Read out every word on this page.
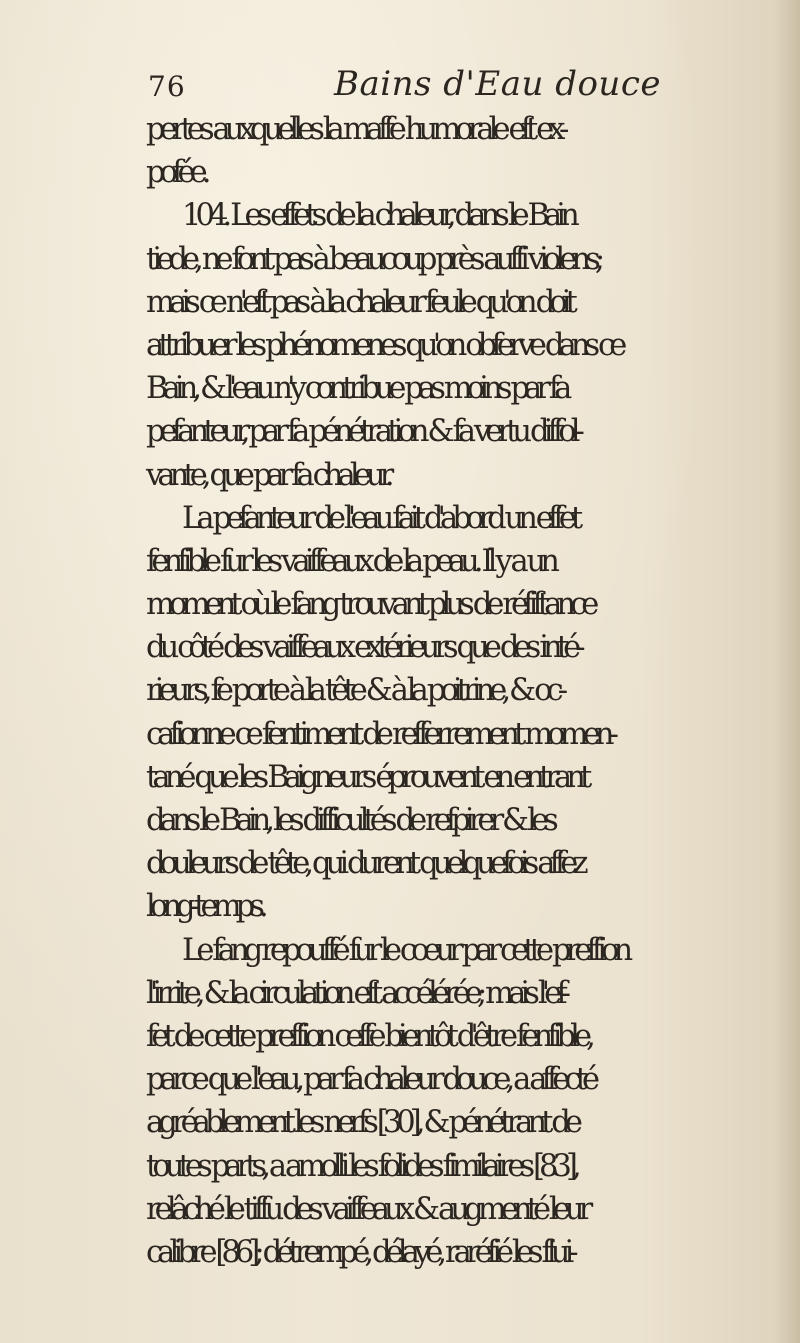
76	Bains d'Eau douce
pertes auxquelles la maffe humorale eft ex-
pofée.
104. Les effets de la chaleur, dans le Bain
tiede, ne font pas à beaucoup près auffi violens;
mais ce n'eft pas à la chaleur feule qu'on doit
attribuer les phénomenes qu'on obferve dans ce
Bain, & l'eau n'y contribue pas moins par fa
pefanteur, par fa pénétration & fa vertu diffol-
vante, que par fa chaleur.
La pefanteur de l'eau fait d'abord un effet
fenfible fur les vaiffeaux de la peau. Il y a un
moment où le fang trouvant plus de réfiftance
du côté des vaiffeaux extérieurs que des inté-
rieurs, fe porte à la tête & à la poitrine, & oc-
cafionne ce fentiment de refferrement momen-
tané que les Baigneurs éprouvent en entrant
dans le Bain, les difficultés de refpirer & les
douleurs de tête, qui durent quelquefois affez
long-temps.
Le fang repouffé fur le cœur par cette preffion
l'irrite, & la circulation eft accélérée; mais l'ef-
fet de cette preffion ceffe bientôt d'être fenfible,
parce que l'eau, par fa chaleur douce, a affecté
agréablement les nerfs [30], & pénétrant de
toutes parts, a amolli les folides fimilaires [83],
relâché le tiffu des vaiffeaux & augmenté leur
calibre [86]; détrempé, délayé, raréfié les flui-
